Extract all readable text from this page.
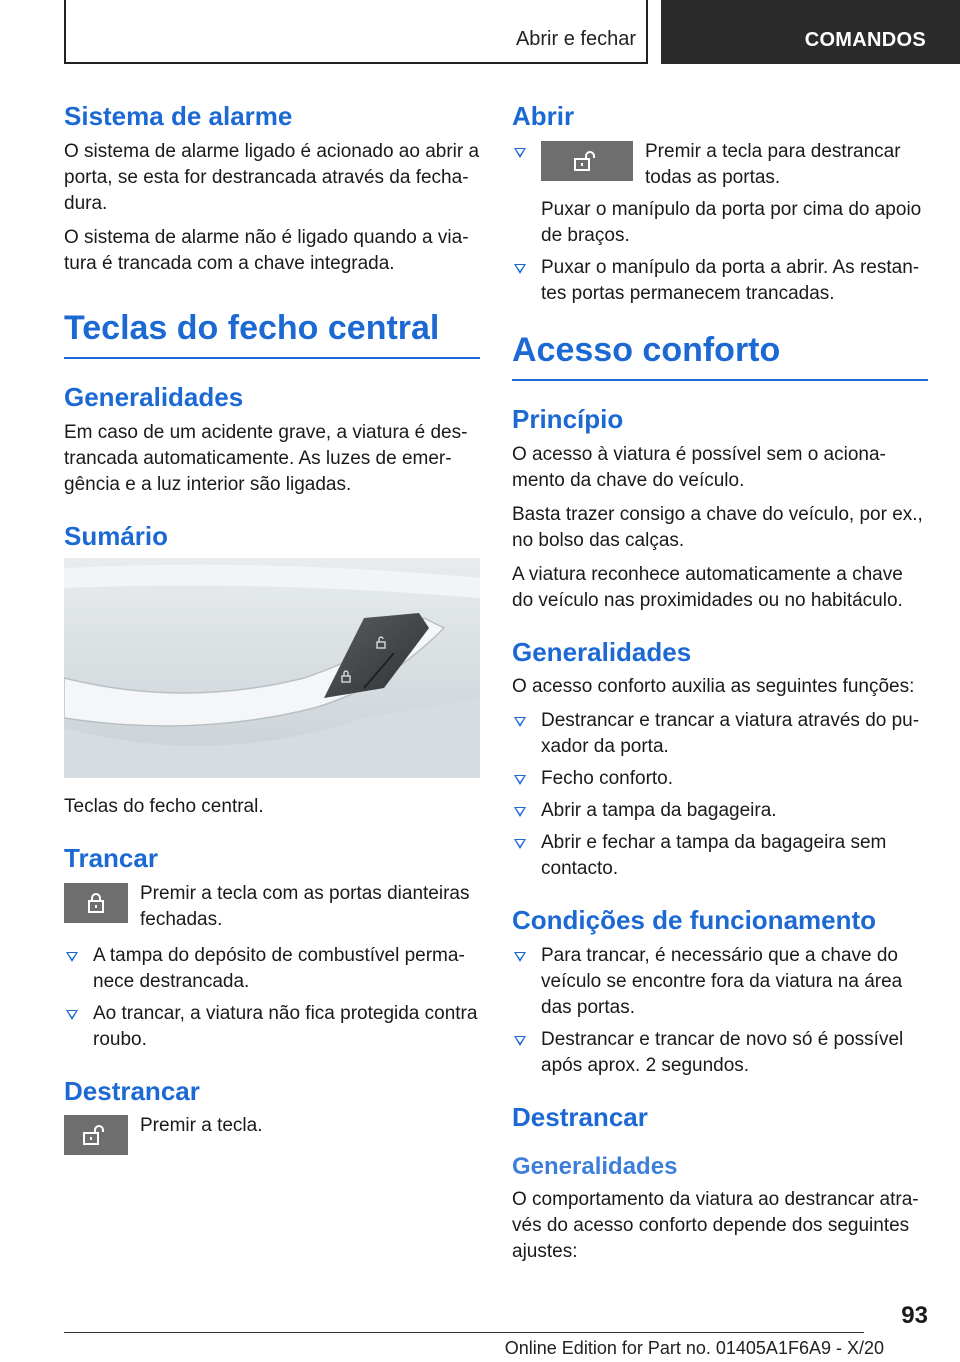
Abrir e fechar	COMANDOS
Sistema de alarme

O sistema de alarme ligado é acionado ao abrir a porta, se esta for destrancada através da fechadura.

O sistema de alarme não é ligado quando a viatura é trancada com a chave integrada.

Teclas do fecho central
Generalidades

Em caso de um acidente grave, a viatura é destrancada automaticamente. As luzes de emergência e a luz interior são ligadas.

Sumário

Teclas do fecho central.

Trancar
Premir a tecla com as portas dianteiras fechadas.
A tampa do depósito de combustível permanece destrancada.
Ao trancar, a viatura não fica protegida contra roubo.
Destrancar
Premir a tecla.
Abrir
Premir a tecla para destrancar todas as portas.
Puxar o manípulo da porta por cima do apoio de braços.
Puxar o manípulo da porta a abrir. As restantes portas permanecem trancadas.
Acesso conforto
Princípio

O acesso à viatura é possível sem o acionamento da chave do veículo.

Basta trazer consigo a chave do veículo, por ex., no bolso das calças.

A viatura reconhece automaticamente a chave do veículo nas proximidades ou no habitáculo.

Generalidades

O acesso conforto auxilia as seguintes funções:

Destrancar e trancar a viatura através do puxador da porta.
Fecho conforto.
Abrir a tampa da bagageira.
Abrir e fechar a tampa da bagageira sem contacto.
Condições de funcionamento
Para trancar, é necessário que a chave do veículo se encontre fora da viatura na área das portas.
Destrancar e trancar de novo só é possível após aprox. 2 segundos.
Destrancar
Generalidades

O comportamento da viatura ao destrancar através do acesso conforto depende dos seguintes ajustes:

93
Online Edition for Part no. 01405A1F6A9 - X/20
